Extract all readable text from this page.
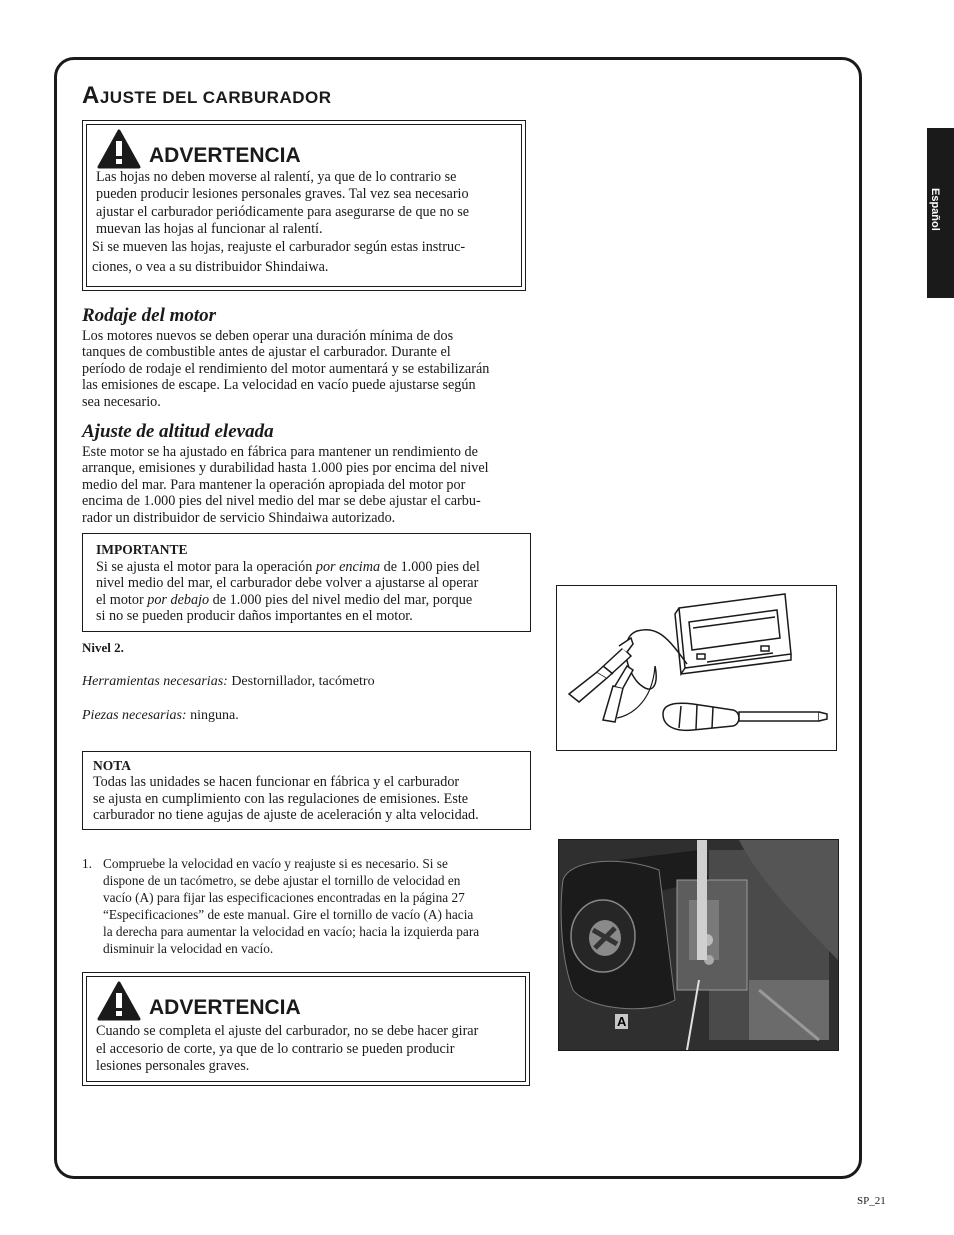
AJUSTE DEL CARBURADOR
ADVERTENCIA
Las hojas no deben moverse al ralentí, ya que de lo contrario se
pueden producir lesiones personales graves. Tal vez sea necesario
ajustar el carburador periódicamente para asegurarse de que no se
muevan las hojas al funcionar al ralentí.
Si se mueven las hojas, reajuste el carburador según estas instruc-
ciones, o vea a su distribuidor Shindaiwa.
Rodaje del motor
Los motores nuevos se deben operar una duración mínima de dos
tanques de combustible antes de ajustar el carburador. Durante el
período de rodaje el rendimiento del motor aumentará y se estabilizarán
las emisiones de escape. La velocidad en vacío puede ajustarse según
sea necesario.
Ajuste de altitud elevada
Este motor se ha ajustado en fábrica para mantener un rendimiento de
arranque, emisiones y durabilidad hasta 1.000 pies por encima del nivel
medio del mar. Para mantener la operación apropiada del motor por
encima de 1.000 pies del nivel medio del mar se debe ajustar el carbu-
rador un distribuidor de servicio Shindaiwa autorizado.
IMPORTANTE
Si se ajusta el motor para la operación por encima de 1.000 pies del
nivel medio del mar, el carburador debe volver a ajustarse al operar
el motor por debajo de 1.000 pies del nivel medio del mar, porque
si no se pueden producir daños importantes en el motor.
Nivel 2.
Herramientas necesarias: Destornillador, tacómetro
Piezas necesarias: ninguna.
NOTA
Todas las unidades se hacen funcionar en fábrica y el carburador
se ajusta en cumplimiento con las regulaciones de emisiones. Este
carburador no tiene agujas de ajuste de aceleración y alta velocidad.
1. Compruebe la velocidad en vacío y reajuste si es necesario. Si se
dispone de un tacómetro, se debe ajustar el tornillo de velocidad en
vacío (A) para fijar las especificaciones encontradas en la página 27
“Especificaciones” de este manual. Gire el tornillo de vacío (A) hacia
la derecha para aumentar la velocidad en vacío; hacia la izquierda para
disminuir la velocidad en vacío.
ADVERTENCIA
Cuando se completa el ajuste del carburador, no se debe hacer girar
el accesorio de corte, ya que de lo contrario se pueden producir
lesiones personales graves.
A
Español
SP_21
